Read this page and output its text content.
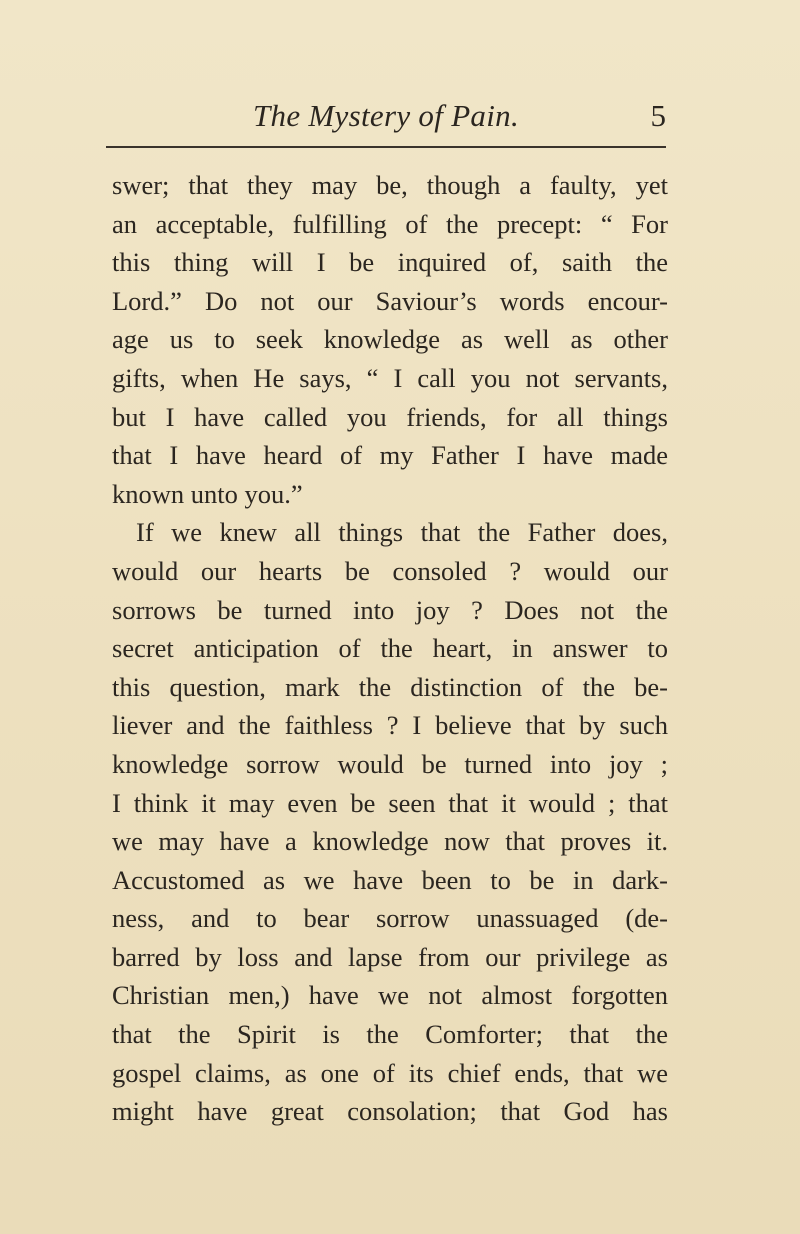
The Mystery of Pain.	5
swer; that they may be, though a faulty, yet
an acceptable, fulfilling of the precept: “ For
this thing will I be inquired of, saith the
Lord.” Do not our Saviour’s words encour-
age us to seek knowledge as well as other
gifts, when He says, “ I call you not servants,
but I have called you friends, for all things
that I have heard of my Father I have made
known unto you.”
If we knew all things that the Father does,
would our hearts be consoled ? would our
sorrows be turned into joy ? Does not the
secret anticipation of the heart, in answer to
this question, mark the distinction of the be-
liever and the faithless ? I believe that by such
knowledge sorrow would be turned into joy ;
I think it may even be seen that it would ; that
we may have a knowledge now that proves it.
Accustomed as we have been to be in dark-
ness, and to bear sorrow unassuaged (de-
barred by loss and lapse from our privilege as
Christian men,) have we not almost forgotten
that the Spirit is the Comforter; that the
gospel claims, as one of its chief ends, that we
might have great consolation; that God has
